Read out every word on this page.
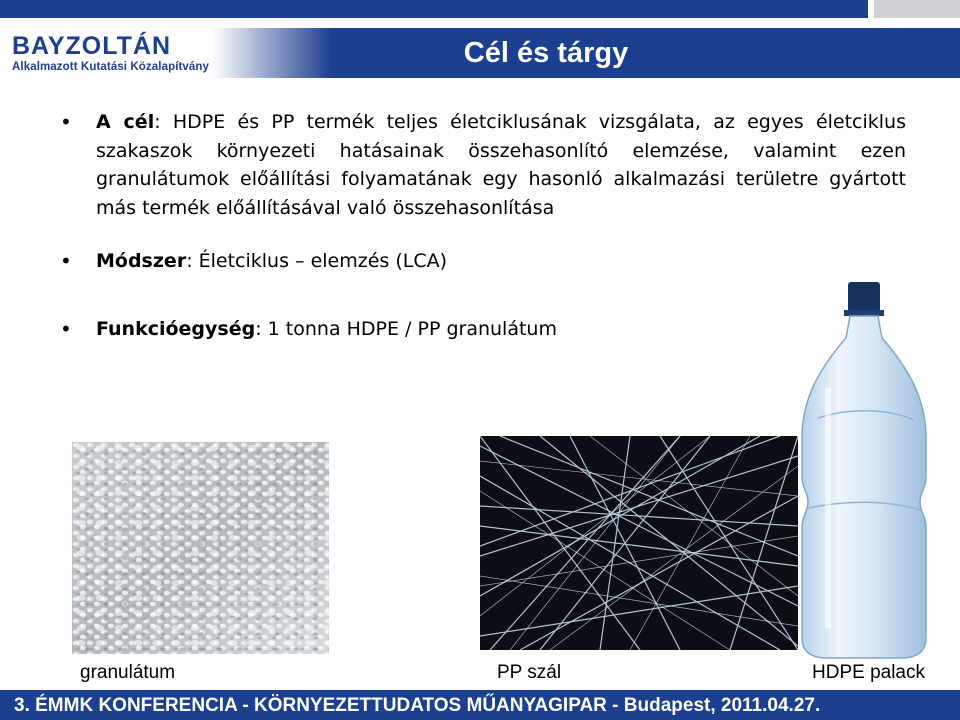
BAYZOLTÁN
Alkalmazott Kutatási Közalapítvány	Cél és tárgy
• A cél: HDPE és PP termék teljes életciklusának vizsgálata, az egyes életciklus szakaszok környezeti hatásainak összehasonlító elemzése, valamint ezen granulátumok előállítási folyamatának egy hasonló alkalmazási területre gyártott más termék előállításával való összehasonlítása
• Módszer: Életciklus – elemzés (LCA)
• Funkcióegység: 1 tonna HDPE / PP granulátum
granulátum	PP szál	HDPE palack
3. ÉMMK KONFERENCIA - KÖRNYEZETTUDATOS MŰANYAGIPAR - Budapest, 2011.04.27.
